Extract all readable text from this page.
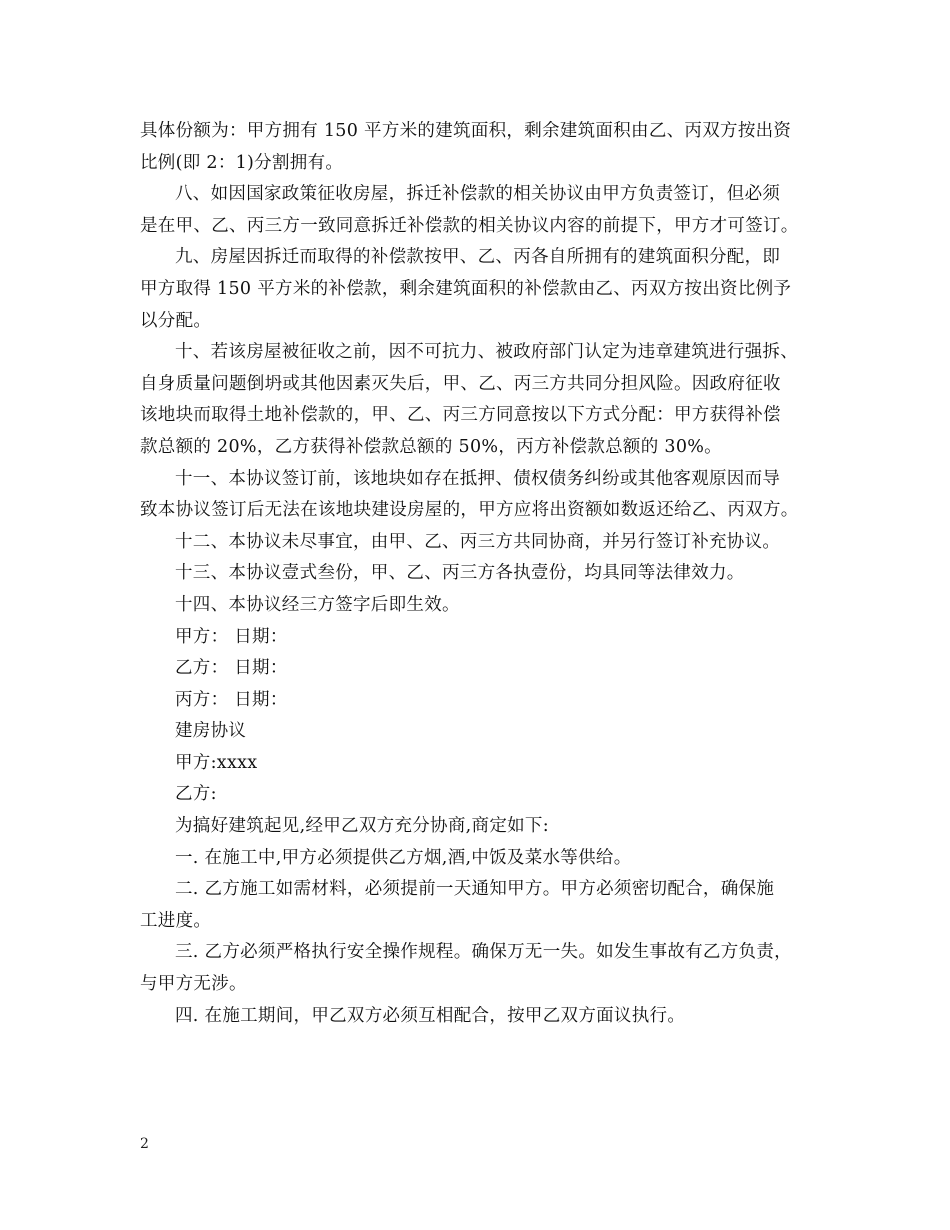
具体份额为：甲方拥有 150 平方米的建筑面积，剩余建筑面积由乙、丙双方按出资

比例(即 2：1)分割拥有。

八、如因国家政策征收房屋，拆迁补偿款的相关协议由甲方负责签订，但必须

是在甲、乙、丙三方一致同意拆迁补偿款的相关协议内容的前提下，甲方才可签订。

九、房屋因拆迁而取得的补偿款按甲、乙、丙各自所拥有的建筑面积分配，即

甲方取得 150 平方米的补偿款，剩余建筑面积的补偿款由乙、丙双方按出资比例予

以分配。

十、若该房屋被征收之前，因不可抗力、被政府部门认定为违章建筑进行强拆、

自身质量问题倒坍或其他因素灭失后，甲、乙、丙三方共同分担风险。因政府征收

该地块而取得土地补偿款的，甲、乙、丙三方同意按以下方式分配：甲方获得补偿

款总额的 20%，乙方获得补偿款总额的 50%，丙方补偿款总额的 30%。

十一、本协议签订前，该地块如存在抵押、债权债务纠纷或其他客观原因而导

致本协议签订后无法在该地块建设房屋的，甲方应将出资额如数返还给乙、丙双方。

十二、本协议未尽事宜，由甲、乙、丙三方共同协商，并另行签订补充协议。

十三、本协议壹式叁份，甲、乙、丙三方各执壹份，均具同等法律效力。

十四、本协议经三方签字后即生效。

甲方： 日期：

乙方： 日期：

丙方： 日期：

建房协议

甲方:xxxx

乙方:

为搞好建筑起见,经甲乙双方充分协商,商定如下:

一. 在施工中,甲方必须提供乙方烟,酒,中饭及菜水等供给。

二. 乙方施工如需材料，必须提前一天通知甲方。甲方必须密切配合，确保施

工进度。

三. 乙方必须严格执行安全操作规程。确保万无一失。如发生事故有乙方负责，

与甲方无涉。

四. 在施工期间，甲乙双方必须互相配合，按甲乙双方面议执行。

2
